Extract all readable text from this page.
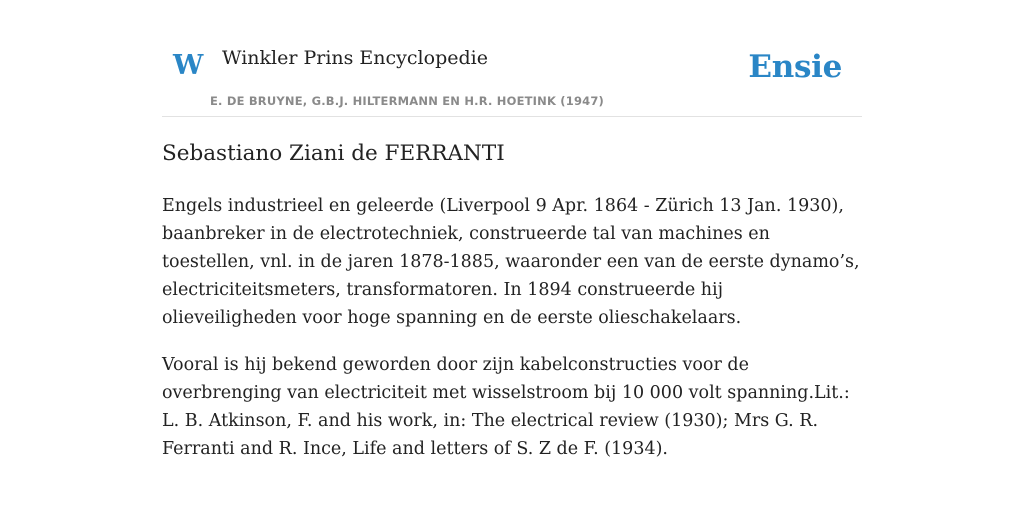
W Winkler Prins Encyclopedie
E. DE BRUYNE, G.B.J. HILTERMANN EN H.R. HOETINK (1947)
Ensie
Sebastiano Ziani de FERRANTI

Engels industrieel en geleerde (Liverpool 9 Apr. 1864 - Zürich 13 Jan. 1930), baanbreker in de electrotechniek, construeerde tal van machines en toestellen, vnl. in de jaren 1878-1885, waaronder een van de eerste dynamo’s, electriciteitsmeters, transformatoren. In 1894 construeerde hij olieveiligheden voor hoge spanning en de eerste olieschakelaars.

Vooral is hij bekend geworden door zijn kabelconstructies voor de overbrenging van electriciteit met wisselstroom bij 10 000 volt spanning.Lit.: L. B. Atkinson, F. and his work, in: The electrical review (1930); Mrs G. R. Ferranti and R. Ince, Life and letters of S. Z de F. (1934).
